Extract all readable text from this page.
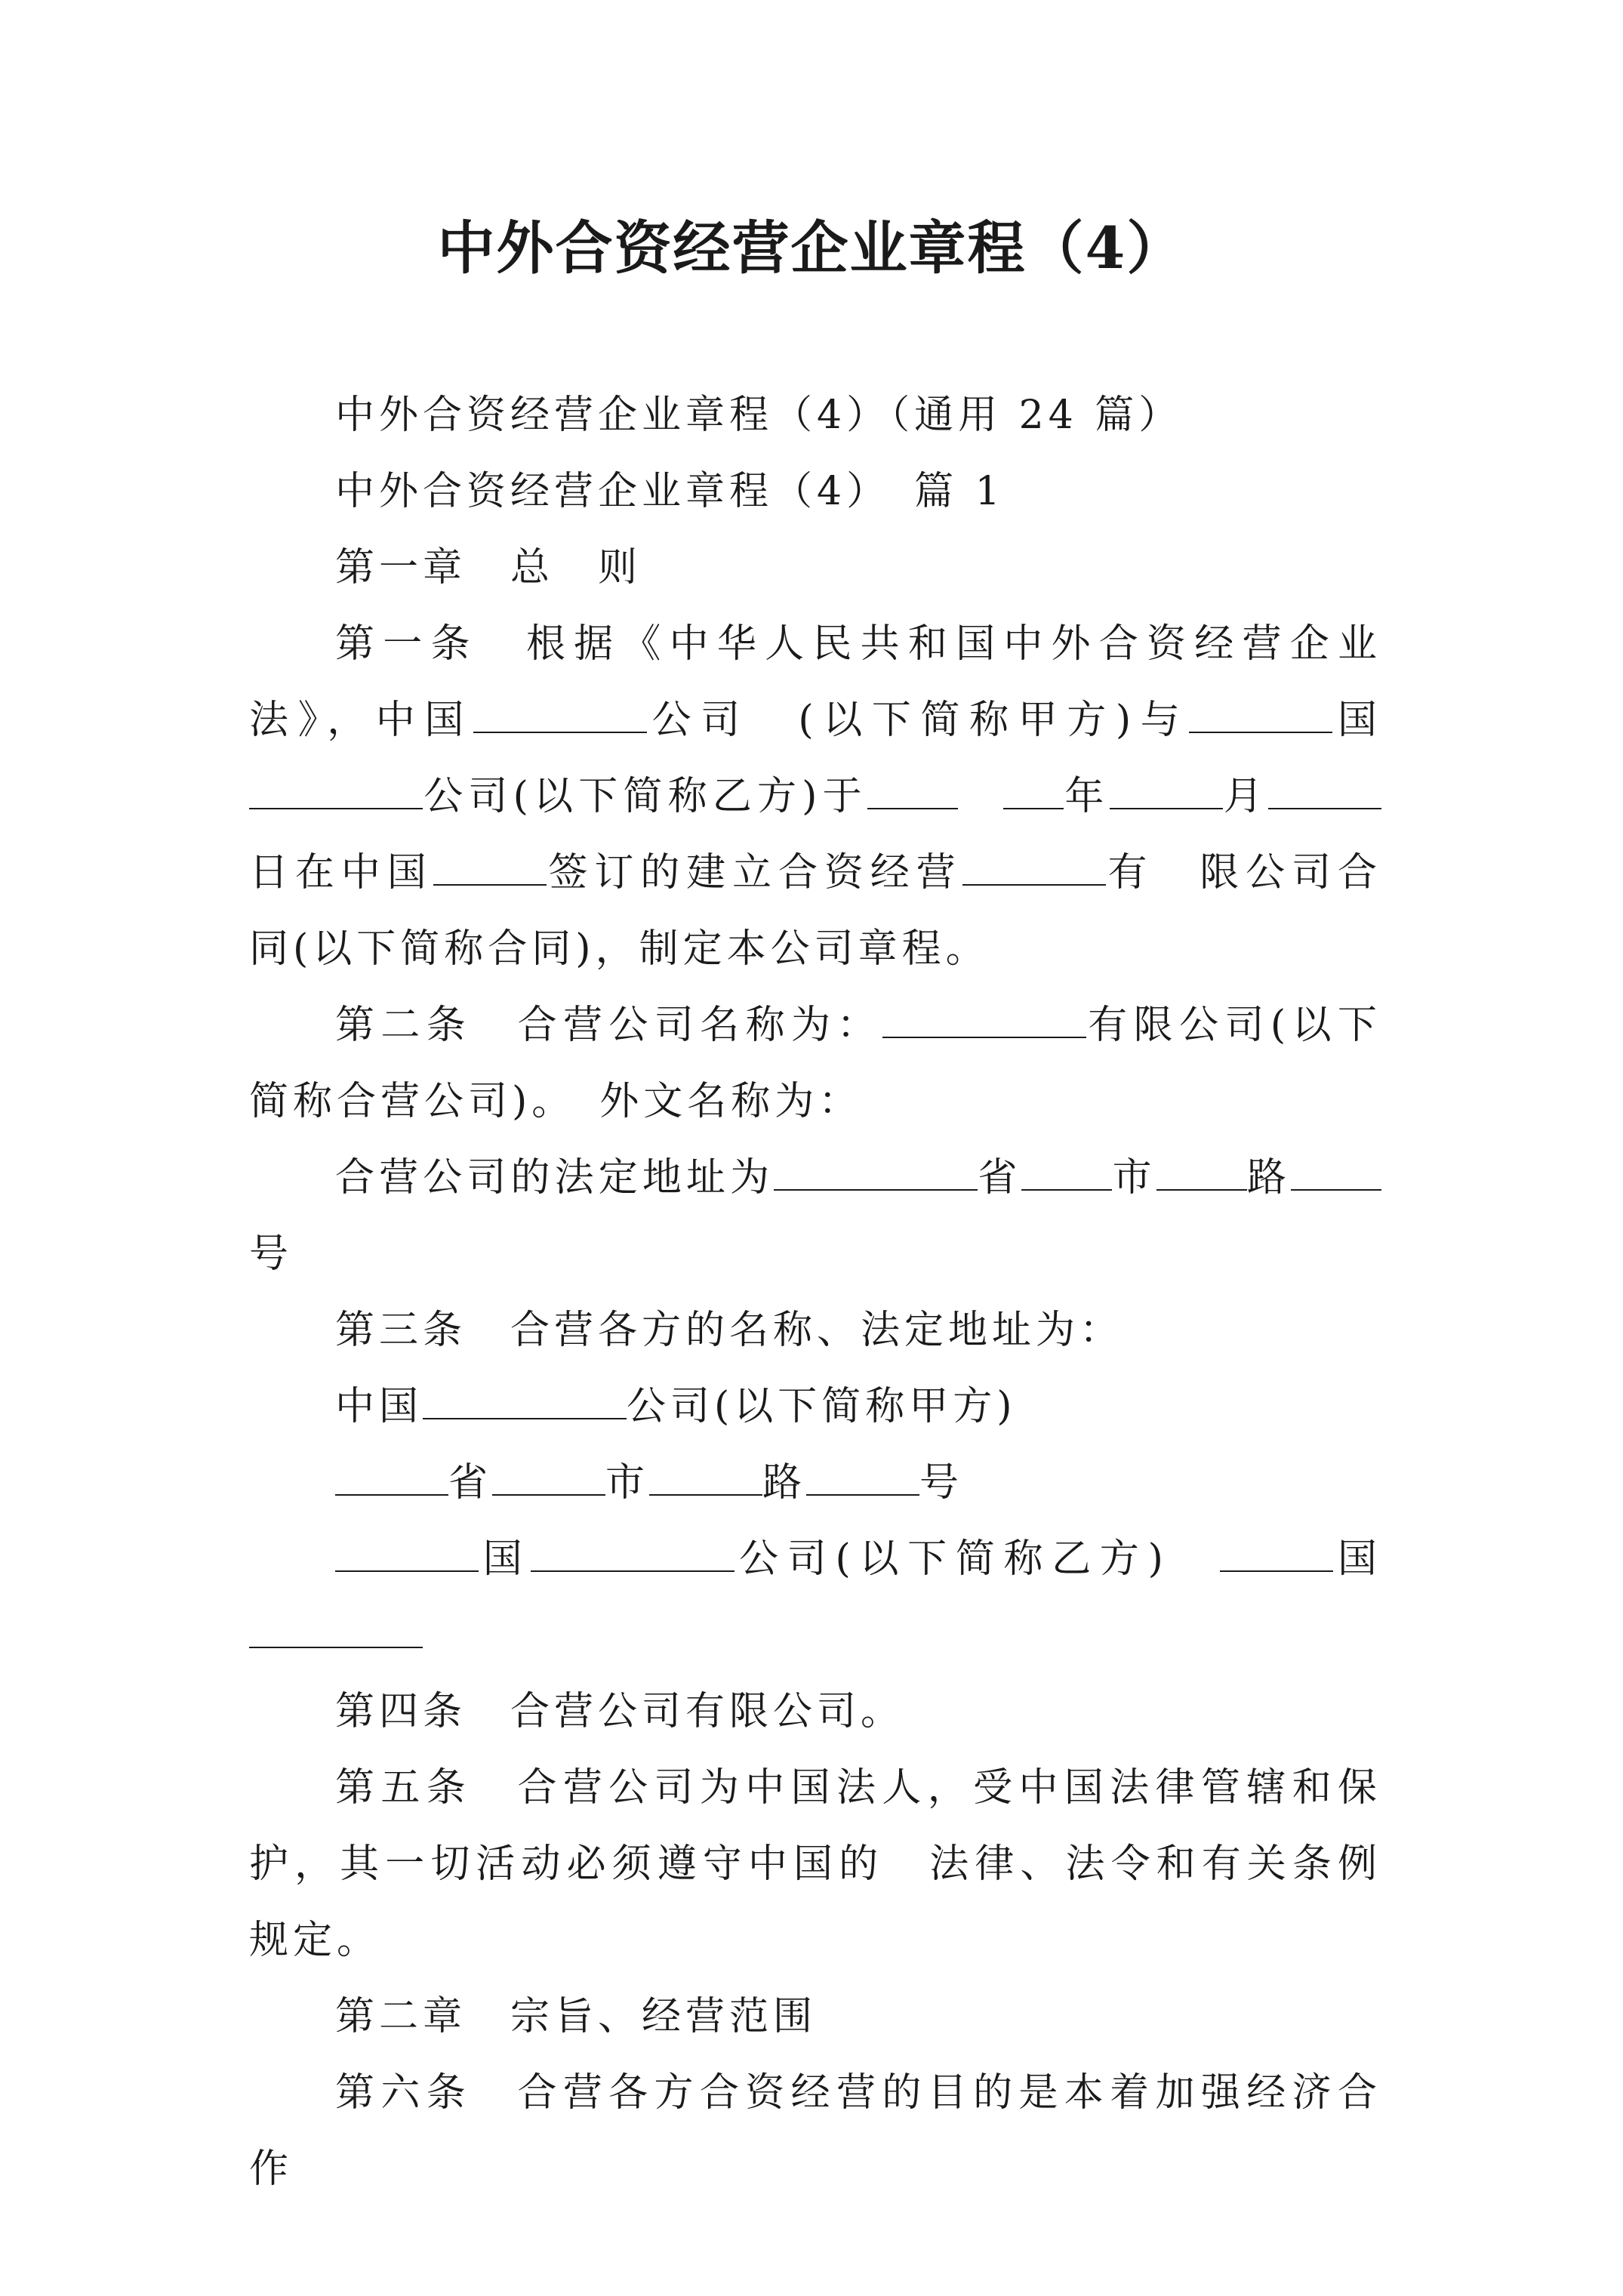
中外合资经营企业章程（4）

中外合资经营企业章程（4）（通用 24 篇）

中外合资经营企业章程（4）　篇 1

第一章　总　则

第一条　根据《中华人民共和国中外合资经营企业法》，中国	公司　(以下简称甲方)与	国公司(以下简称乙方)于　	年	月日在中国	签订的建立合资经营	有　限公司合同(以下简称合同)，制定本公司章程。

第二条　合营公司名称为：	有限公司(以下简称合营公司)。　外文名称为：

合营公司的法定地址为	省 市 路号

第三条　合营各方的名称、法定地址为：

中国	公司(以下简称甲方)

省	市	路	号

国	公司(以下简称乙方)　	国

第四条　合营公司有限公司。

第五条　合营公司为中国法人，受中国法律管辖和保护，其一切活动必须遵守中国的　法律、法令和有关条例规定。

第二章　宗旨、经营范围

第六条　合营各方合资经营的目的是本着加强经济合作
